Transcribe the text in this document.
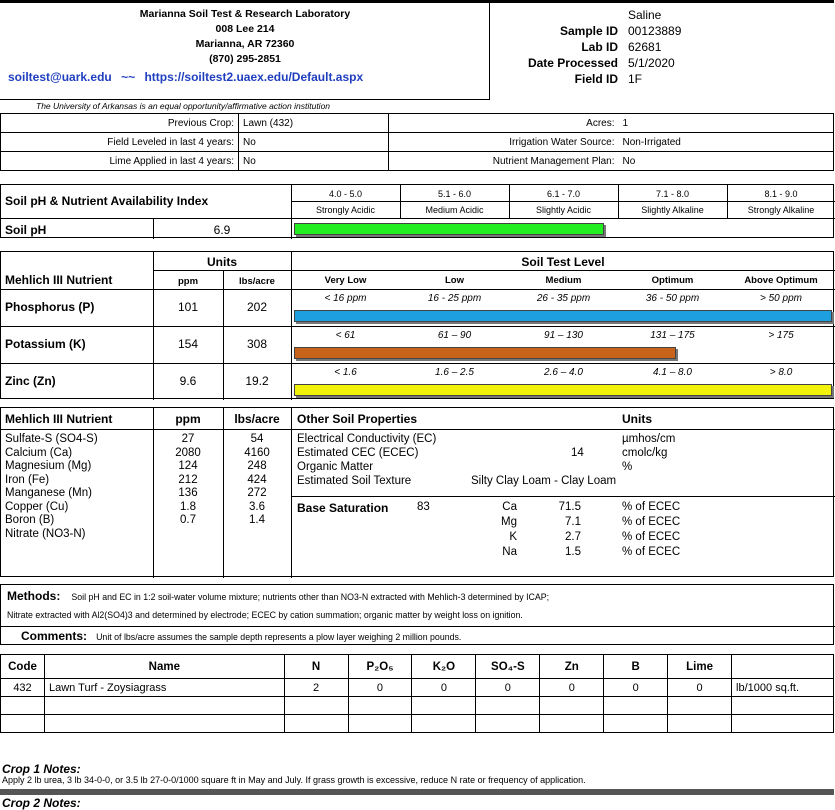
Marianna Soil Test & Research Laboratory
008 Lee 214
Marianna, AR 72360
(870) 295-2851
soiltest@uark.edu ~~ https://soiltest2.uaex.edu/Default.aspx
Saline
Sample ID 00123889
Lab ID 62681
Date Processed 5/1/2020
Field ID 1F
The University of Arkansas is an equal opportunity/affirmative action institution
Previous Crop:	Lawn (432)	Acres:	1
Field Leveled in last 4 years:	No	Irrigation Water Source:	Non-Irrigated
Lime Applied in last 4 years:	No	Nutrient Management Plan:	No
Soil pH & Nutrient Availability Index
Soil pH	6.9
4.0 - 5.0
Strongly Acidic
5.1 - 6.0
Medium Acidic
6.1 - 7.0
Slightly Acidic
7.1 - 8.0
Slightly Alkaline
8.1 - 9.0
Strongly Alkaline
Units	Soil Test Level
Mehlich III Nutrient	ppm	lbs/acre	Very Low	Low	Medium	Optimum	Above Optimum
Phosphorus (P)	101	202
< 16 ppm	16 - 25 ppm	26 - 35 ppm	36 - 50 ppm	> 50 ppm
Potassium (K)	154	308
< 61	61 – 90	91 – 130	131 – 175	> 175
Zinc (Zn)	9.6	19.2
< 1.6	1.6 – 2.5	2.6 – 4.0	4.1 – 8.0	> 8.0
Mehlich III Nutrient	ppm	lbs/acre	Other Soil Properties	Units
Sulfate-S (SO4-S)	27	54
Calcium (Ca)	2080	4160
Magnesium (Mg)	124	248
Iron (Fe)	212	424
Manganese (Mn)	136	272
Copper (Cu)	1.8	3.6
Boron (B)	0.7	1.4
Nitrate (NO3-N)
Electrical Conductivity (EC)	µmhos/cm
Estimated CEC (ECEC)	14	cmolc/kg
Organic Matter	%
Estimated Soil Texture	Silty Clay Loam - Clay Loam
Base Saturation 83	Ca	71.5	% of ECEC
Mg	7.1	% of ECEC
K	2.7	% of ECEC
Na	1.5	% of ECEC
Methods: Soil pH and EC in 1:2 soil-water volume mixture; nutrients other than NO3-N extracted with Mehlich-3 determined by ICAP;
Nitrate extracted with Al2(SO4)3 and determined by electrode; ECEC by cation summation; organic matter by weight loss on ignition.
Comments: Unit of lbs/acre assumes the sample depth represents a plow layer weighing 2 million pounds.
Code	Name	N	P₂O₅	K₂O	SO₄-S	Zn	B	Lime	
432	Lawn Turf - Zoysiagrass	2	0	0	0	0	0	0	lb/1000 sq.ft.

Crop 1 Notes:
Apply 2 lb urea, 3 lb 34-0-0, or 3.5 lb 27-0-0/1000 square ft in May and July. If grass growth is excessive, reduce N rate or frequency of application.
Crop 2 Notes:
